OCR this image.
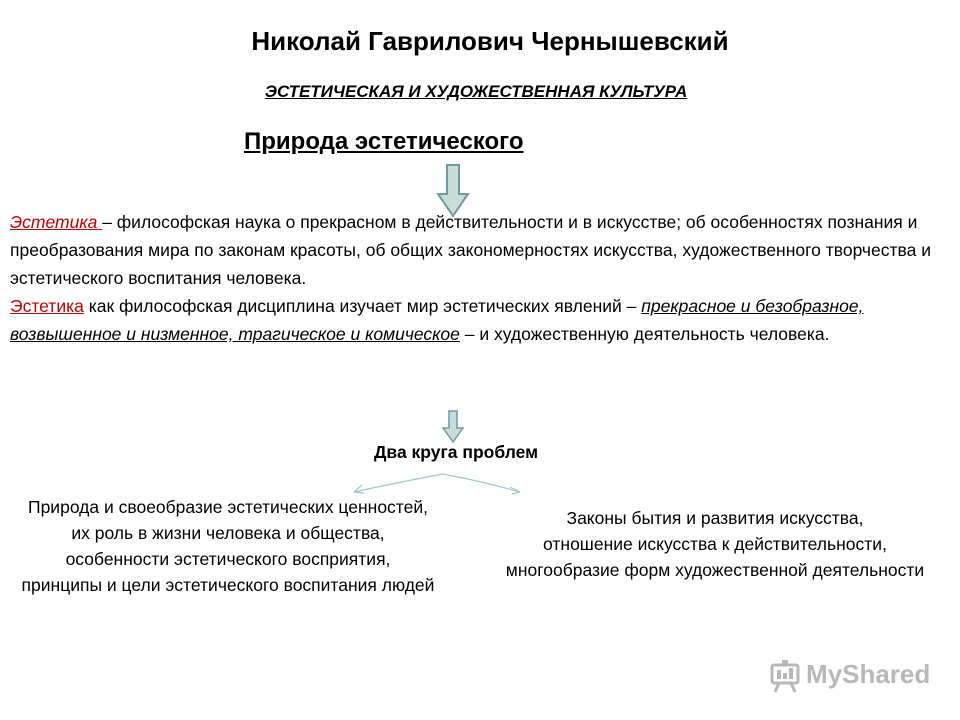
Николай Гаврилович Чернышевский
ЭСТЕТИЧЕСКАЯ И ХУДОЖЕСТВЕННАЯ КУЛЬТУРА
Природа эстетического

Эстетика – философская наука о прекрасном в действительности и в искусстве; об особенностях познания и преобразования мира по законам красоты, об общих закономерностях искусства, художественного творчества и эстетического воспитания человека.

Эстетика как философская дисциплина изучает мир эстетических явлений – прекрасное и безобразное, возвышенное и низменное, трагическое и комическое – и художественную деятельность человека.

Два круга проблем
Природа и своеобразие эстетических ценностей,
их роль в жизни человека и общества,
особенности эстетического восприятия,
принципы и цели эстетического воспитания людей
Законы бытия и развития искусства,
отношение искусства к действительности,
многообразие форм художественной деятельности
MyShared
